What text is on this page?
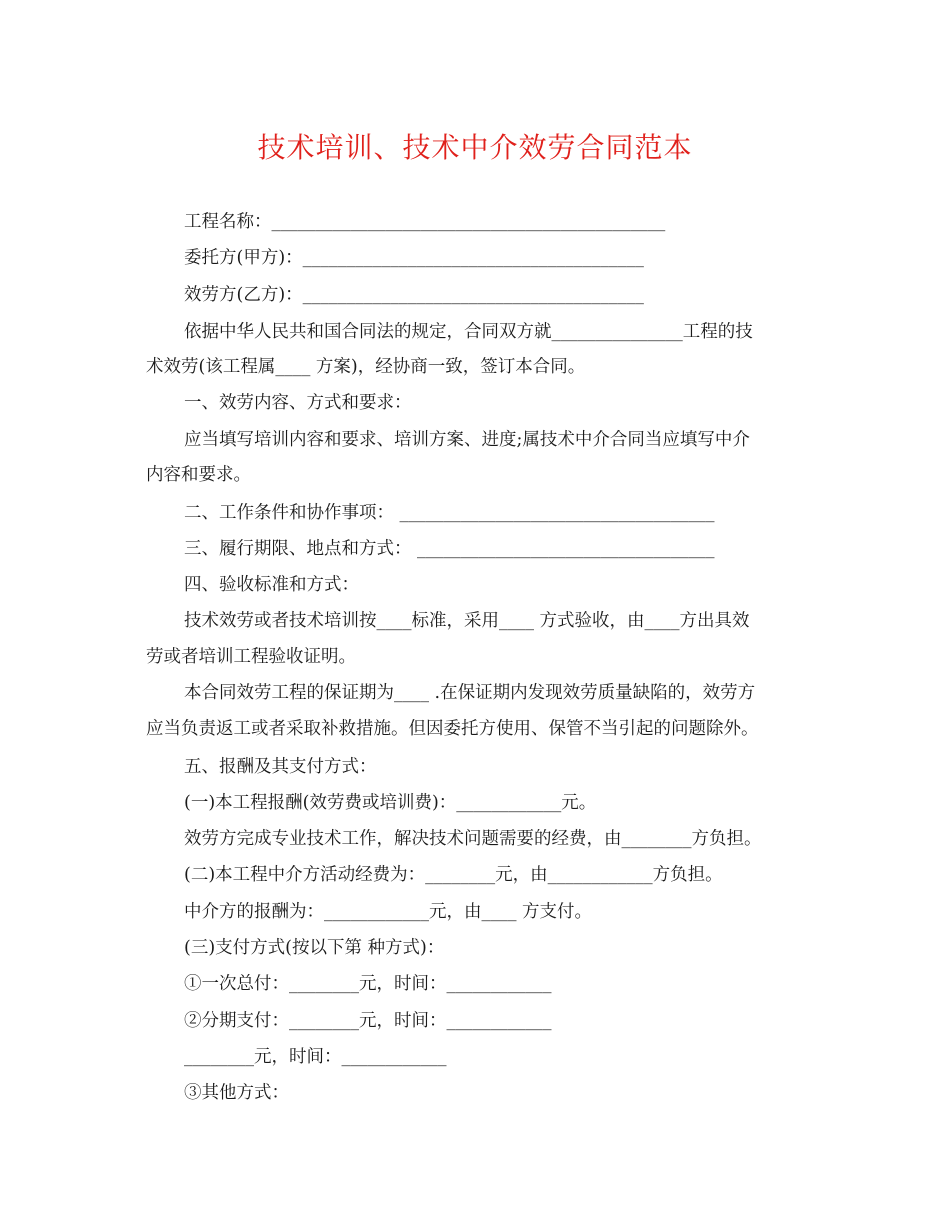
技术培训、技术中介效劳合同范本
工程名称：_____________________________________________
委托方(甲方)：_______________________________________
效劳方(乙方)：_______________________________________
依据中华人民共和国合同法的规定，合同双方就_______________工程的技
术效劳(该工程属____ 方案)，经协商一致，签订本合同。
一、效劳内容、方式和要求：
应当填写培训内容和要求、培训方案、进度;属技术中介合同当应填写中介
内容和要求。
二、工作条件和协作事项： ____________________________________
三、履行期限、地点和方式： __________________________________
四、验收标准和方式：
技术效劳或者技术培训按____标准，采用____ 方式验收，由____方出具效
劳或者培训工程验收证明。
本合同效劳工程的保证期为____ .在保证期内发现效劳质量缺陷的，效劳方
应当负责返工或者采取补救措施。但因委托方使用、保管不当引起的问题除外。
五、报酬及其支付方式：
(一)本工程报酬(效劳费或培训费)：____________元。
效劳方完成专业技术工作，解决技术问题需要的经费，由________方负担。
(二)本工程中介方活动经费为：________元，由____________方负担。
中介方的报酬为：____________元，由____ 方支付。
(三)支付方式(按以下第 种方式)：
①一次总付：________元，时间：____________
②分期支付：________元，时间：____________
________元，时间：____________
③其他方式：
